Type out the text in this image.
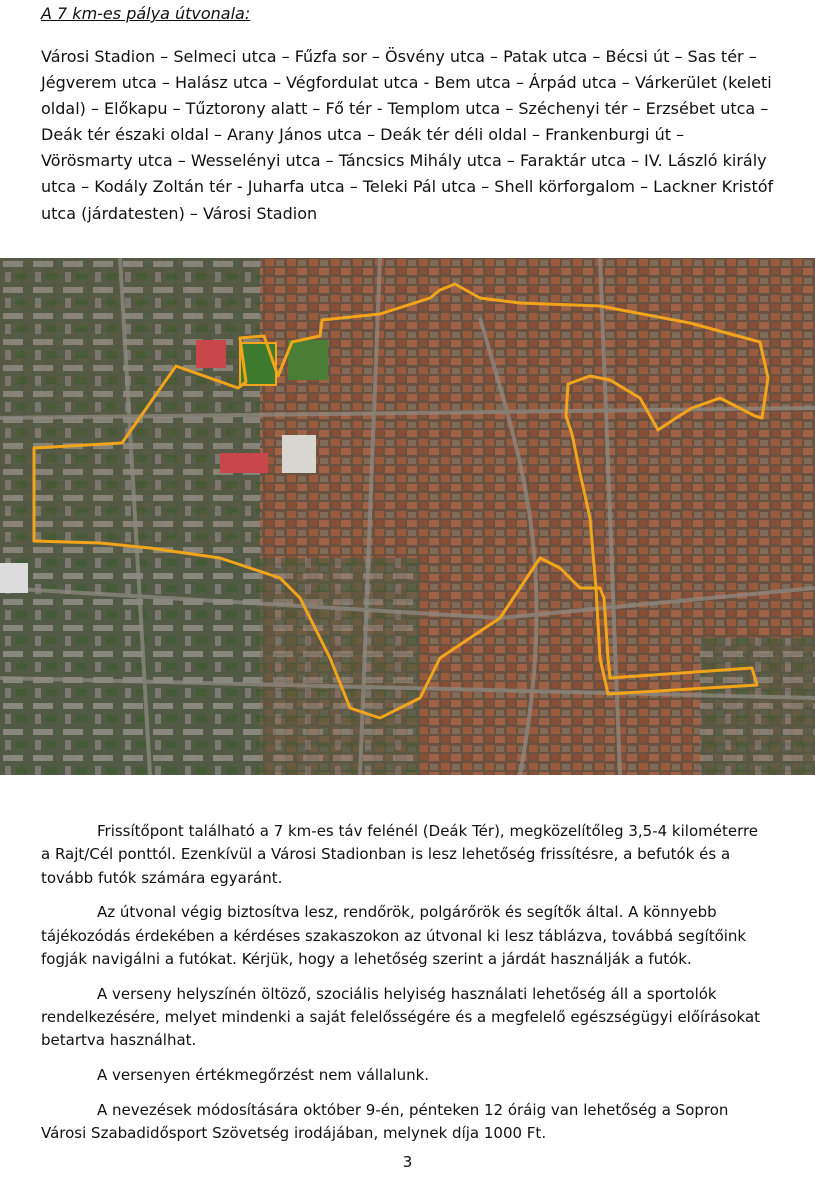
A 7 km-es pálya útvonala:

Városi Stadion – Selmeci utca – Fűzfa sor – Ösvény utca – Patak utca – Bécsi út – Sas tér – Jégverem utca – Halász utca – Végfordulat utca - Bem utca – Árpád utca – Várkerület (keleti oldal) – Előkapu – Tűztorony alatt – Fő tér - Templom utca – Széchenyi tér – Erzsébet utca – Deák tér északi oldal – Arany János utca – Deák tér déli oldal – Frankenburgi út – Vörösmarty utca – Wesselényi utca – Táncsics Mihály utca – Faraktár utca – IV. László király utca – Kodály Zoltán tér - Juharfa utca – Teleki Pál utca – Shell körforgalom – Lackner Kristóf utca (járdatesten) – Városi Stadion

Frissítőpont található a 7 km-es táv felénél (Deák Tér), megközelítőleg 3,5-4 kilométerre a Rajt/Cél ponttól. Ezenkívül a Városi Stadionban is lesz lehetőség frissítésre, a befutók és a tovább futók számára egyaránt.

Az útvonal végig biztosítva lesz, rendőrök, polgárőrök és segítők által. A könnyebb tájékozódás érdekében a kérdéses szakaszokon az útvonal ki lesz táblázva, továbbá segítőink fogják navigálni a futókat. Kérjük, hogy a lehetőség szerint a járdát használják a futók.

A verseny helyszínén öltöző, szociális helyiség használati lehetőség áll a sportolók rendelkezésére, melyet mindenki a saját felelősségére és a megfelelő egészségügyi előírásokat betartva használhat.

A versenyen értékmegőrzést nem vállalunk.

A nevezések módosítására október 9-én, pénteken 12 óráig van lehetőség a Sopron Városi Szabadidősport Szövetség irodájában, melynek díja 1000 Ft.

3
